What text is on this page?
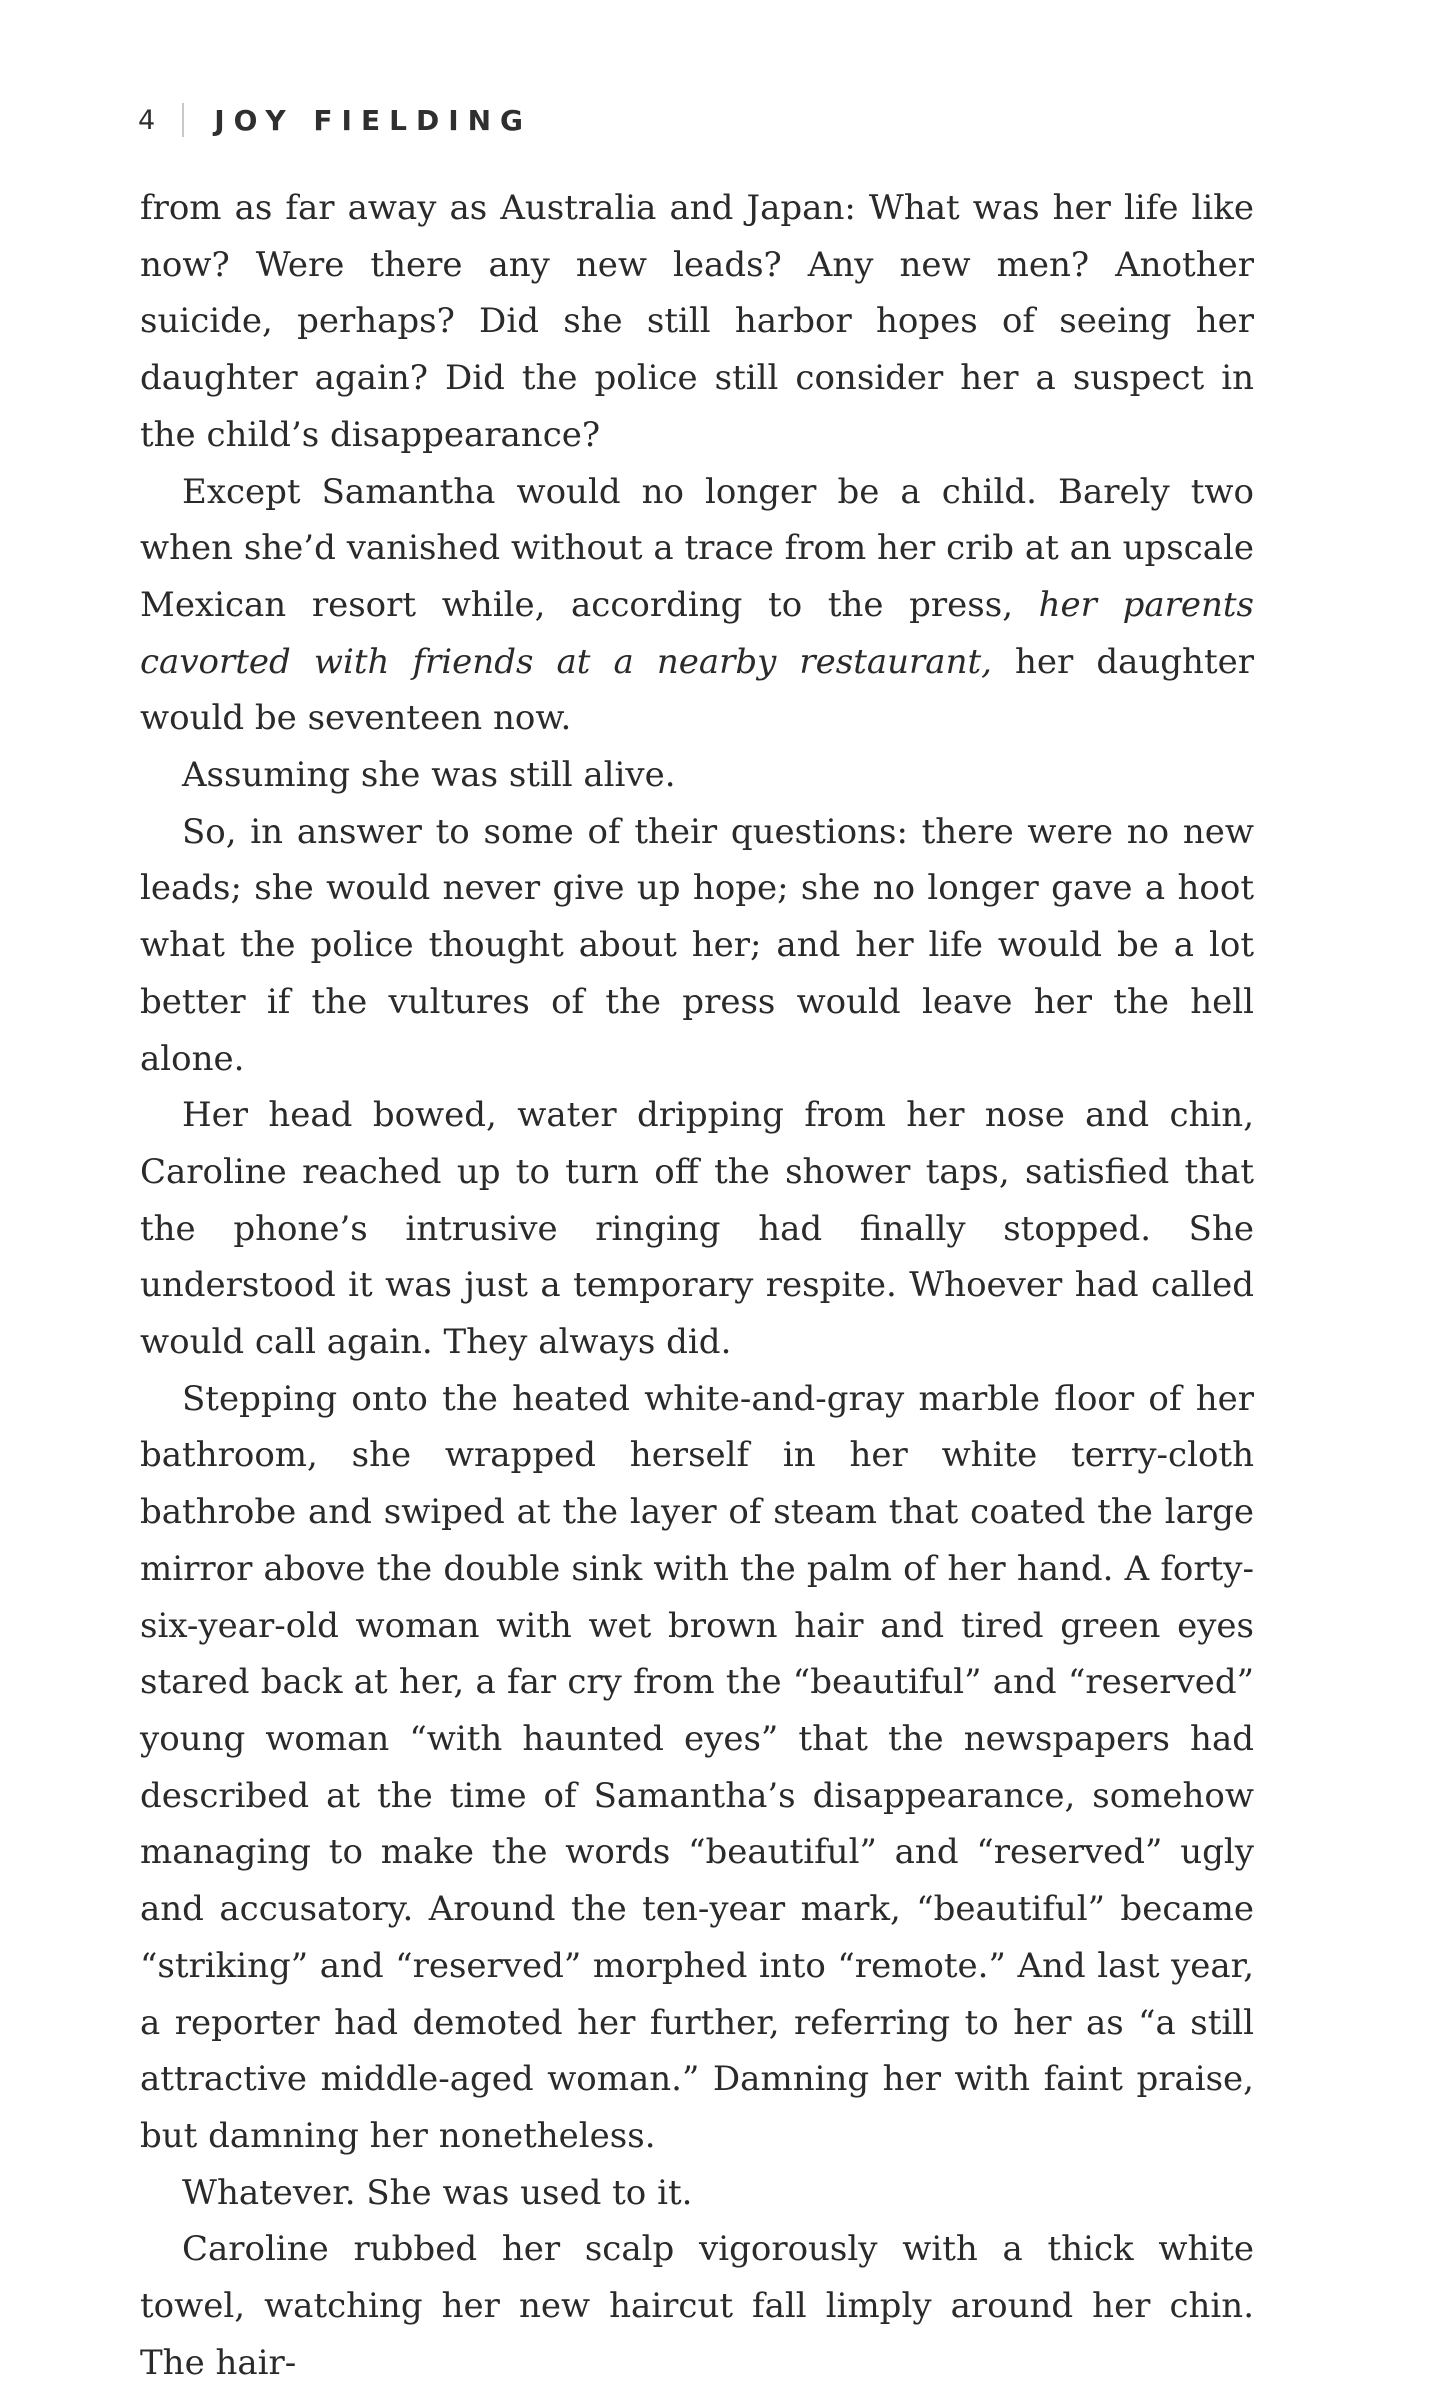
4 JOY FIELDING

from as far away as Australia and Japan: What was her life like now? Were there any new leads? Any new men? Another suicide, perhaps? Did she still harbor hopes of seeing her daughter again? Did the police still consider her a suspect in the child’s disappearance?

Except Samantha would no longer be a child. Barely two when she’d vanished without a trace from her crib at an upscale Mexican resort while, according to the press, her parents cavorted with friends at a nearby restaurant, her daughter would be seventeen now.

Assuming she was still alive.

So, in answer to some of their questions: there were no new leads; she would never give up hope; she no longer gave a hoot what the police thought about her; and her life would be a lot better if the vultures of the press would leave her the hell alone.

Her head bowed, water dripping from her nose and chin, Caroline reached up to turn off the shower taps, satisfied that the phone’s intrusive ringing had finally stopped. She understood it was just a temporary respite. Whoever had called would call again. They always did.

Stepping onto the heated white-and-gray marble floor of her bathroom, she wrapped herself in her white terry-cloth bathrobe and swiped at the layer of steam that coated the large mirror above the double sink with the palm of her hand. A forty-six-year-old woman with wet brown hair and tired green eyes stared back at her, a far cry from the “beautiful” and “reserved” young woman “with haunted eyes” that the newspapers had described at the time of Samantha’s disappearance, somehow managing to make the words “beautiful” and “reserved” ugly and accusatory. Around the ten-year mark, “beautiful” became “striking” and “reserved” morphed into “remote.” And last year, a reporter had demoted her further, referring to her as “a still attractive middle-aged woman.” Damning her with faint praise, but damning her nonetheless.

Whatever. She was used to it.

Caroline rubbed her scalp vigorously with a thick white towel, watching her new haircut fall limply around her chin. The hair-
